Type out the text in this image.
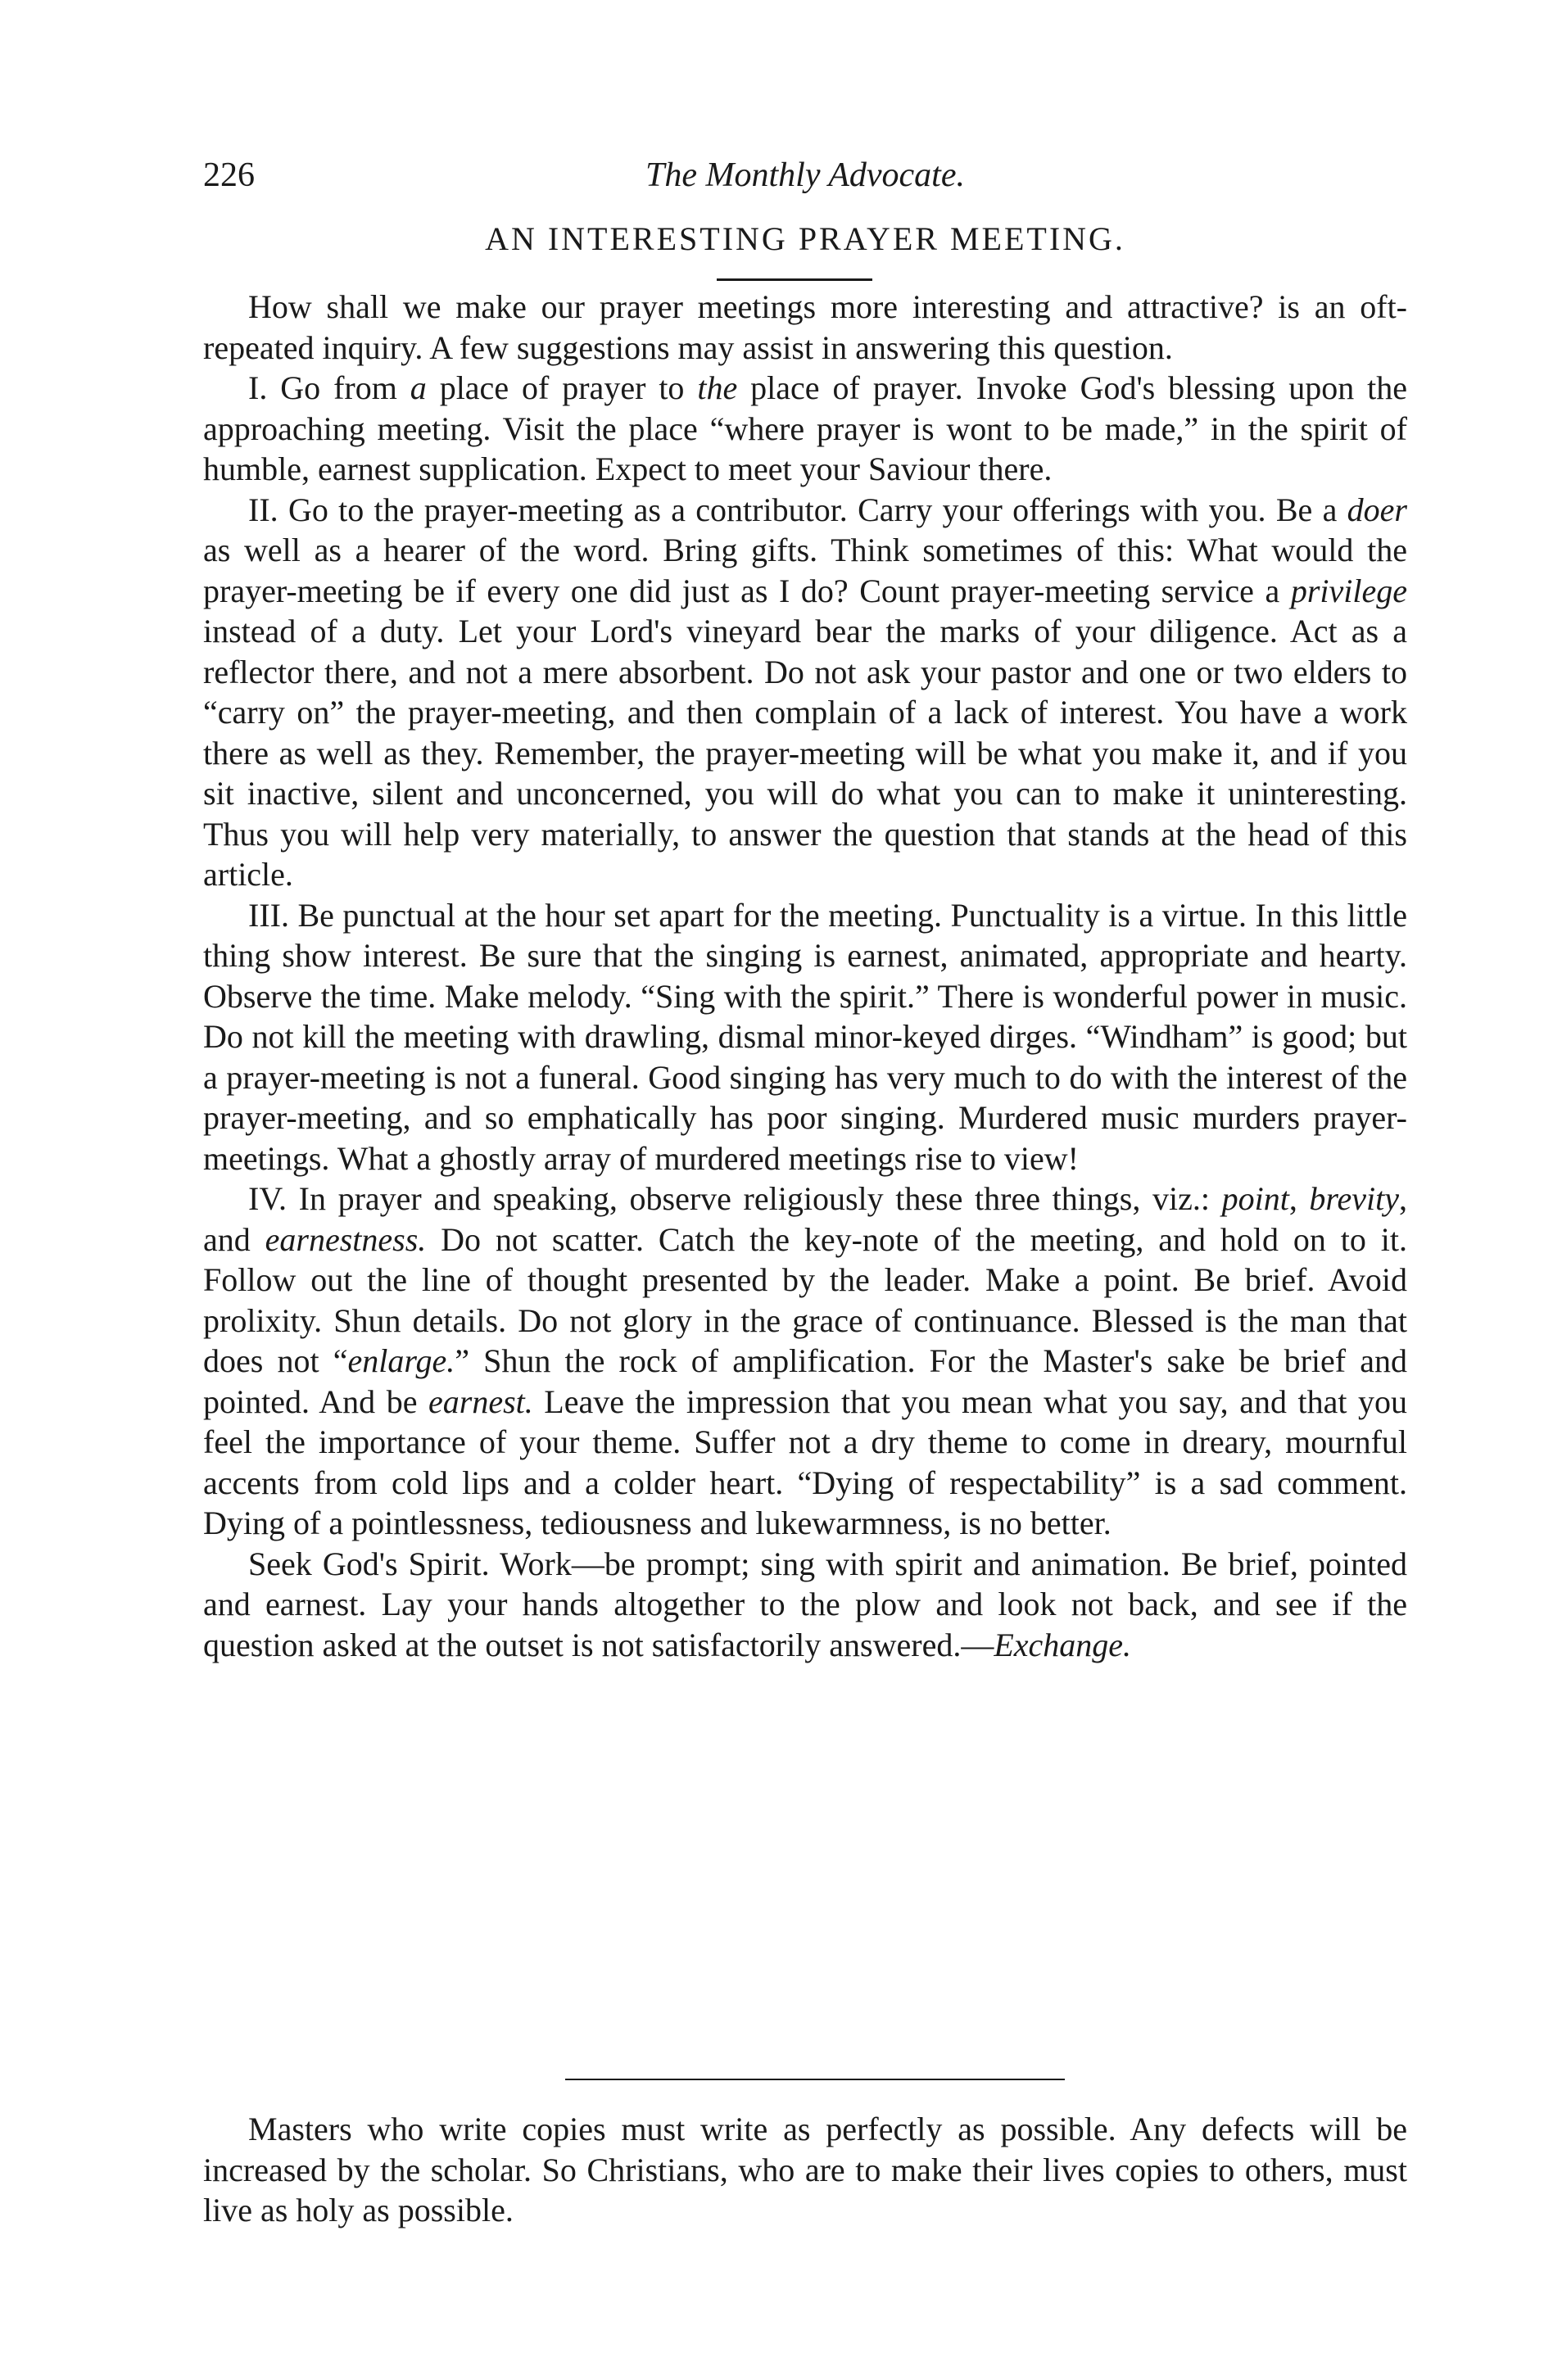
226	The Monthly Advocate.
AN INTERESTING PRAYER MEETING.

How shall we make our prayer meetings more interesting and attractive? is an oft-repeated inquiry. A few suggestions may assist in answering this question.

I. Go from a place of prayer to the place of prayer. Invoke God's blessing upon the approaching meeting. Visit the place “where prayer is wont to be made,” in the spirit of humble, earnest supplication. Expect to meet your Saviour there.

II. Go to the prayer-meeting as a contributor. Carry your offerings with you. Be a doer as well as a hearer of the word. Bring gifts. Think sometimes of this: What would the prayer-meeting be if every one did just as I do? Count prayer-meeting service a privilege instead of a duty. Let your Lord's vineyard bear the marks of your diligence. Act as a reflector there, and not a mere absorbent. Do not ask your pastor and one or two elders to “carry on” the prayer-meeting, and then complain of a lack of interest. You have a work there as well as they. Remember, the prayer-meeting will be what you make it, and if you sit inactive, silent and unconcerned, you will do what you can to make it uninteresting. Thus you will help very materially, to answer the question that stands at the head of this article.

III. Be punctual at the hour set apart for the meeting. Punctuality is a virtue. In this little thing show interest. Be sure that the singing is earnest, animated, appropriate and hearty. Observe the time. Make melody. “Sing with the spirit.” There is wonderful power in music. Do not kill the meeting with drawling, dismal minor-keyed dirges. “Windham” is good; but a prayer-meeting is not a funeral. Good singing has very much to do with the interest of the prayer-meeting, and so emphatically has poor singing. Murdered music murders prayer-meetings. What a ghostly array of murdered meetings rise to view!

IV. In prayer and speaking, observe religiously these three things, viz.: point, brevity, and earnestness. Do not scatter. Catch the key-note of the meeting, and hold on to it. Follow out the line of thought presented by the leader. Make a point. Be brief. Avoid prolixity. Shun details. Do not glory in the grace of continuance. Blessed is the man that does not “enlarge.” Shun the rock of amplification. For the Master's sake be brief and pointed. And be earnest. Leave the impression that you mean what you say, and that you feel the importance of your theme. Suffer not a dry theme to come in dreary, mournful accents from cold lips and a colder heart. “Dying of respectability” is a sad comment. Dying of a pointlessness, tediousness and lukewarmness, is no better.

Seek God's Spirit. Work—be prompt; sing with spirit and animation. Be brief, pointed and earnest. Lay your hands altogether to the plow and look not back, and see if the question asked at the outset is not satisfactorily answered.—Exchange.

Masters who write copies must write as perfectly as possible. Any defects will be increased by the scholar. So Christians, who are to make their lives copies to others, must live as holy as possible.
